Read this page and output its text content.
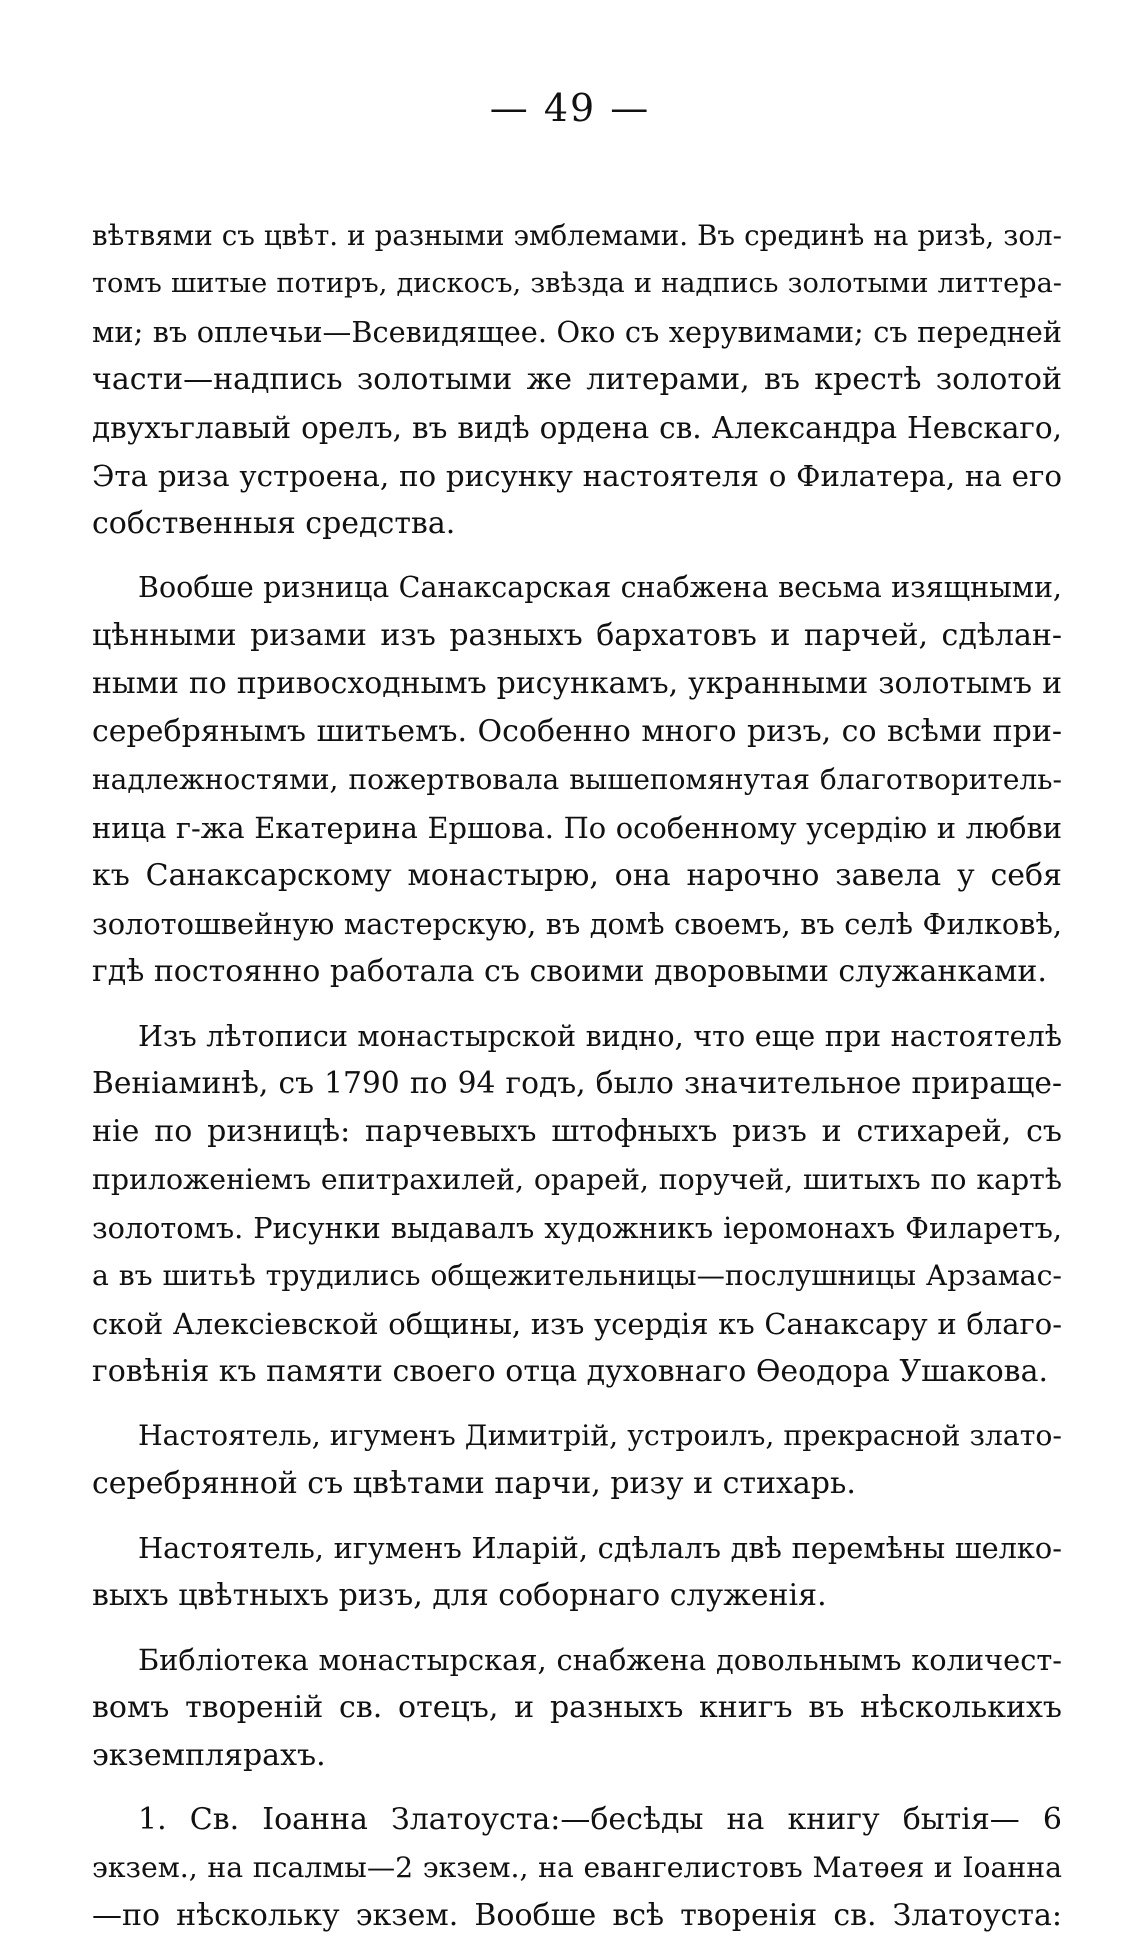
— 49 —
вѣтвями съ цвѣт. и разными эмблемами. Въ срединѣ на ризѣ, зол-
томъ шитые потиръ, дискосъ, звѣзда и надпись золотыми литтера-
ми; въ оплечьи—Всевидящее. Око съ херувимами; съ передней
части—надпись золотыми же литерами, въ крестѣ золотой
двухъглавый орелъ, въ видѣ ордена св. Александра Невскаго,
Эта риза устроена, по рисунку настоятеля о Филатера, на его
собственныя средства.
Вообше ризница Санаксарская снабжена весьма изящными,
цѣнными ризами изъ разныхъ бархатовъ и парчей, сдѣлан-
ными по привосходнымъ рисункамъ, укранными золотымъ и
серебрянымъ шитьемъ. Особенно много ризъ, со всѣми при-
надлежностями, пожертвовала вышепомянутая благотворитель-
ница г-жа Екатерина Ершова. По особенному усердію и любви
къ Санаксарскому монастырю, она нарочно завела у себя
золотошвейную мастерскую, въ домѣ своемъ, въ селѣ Филковѣ,
гдѣ постоянно работала съ своими дворовыми служанками.
Изъ лѣтописи монастырской видно, что еще при настоятелѣ
Веніаминѣ, съ 1790 по 94 годъ, было значительное приращe-
ніе по ризницѣ: парчевыхъ штофныхъ ризъ и стихарей, съ
приложеніемъ епитрахилей, орарей, поручей, шитыхъ по картѣ
золотомъ. Рисунки выдавалъ художникъ іеромонахъ Филаретъ,
а въ шитьѣ трудились общежительницы—послушницы Арзамас-
ской Алексіевской общины, изъ усердія къ Санаксару и благо-
говѣнія къ памяти своего отца духовнаго Ѳеодора Ушакова.
Настоятель, игуменъ Димитрій, устроилъ, прекрасной злато-
серебрянной съ цвѣтами парчи, ризу и стихарь.
Настоятель, игуменъ Иларій, сдѣлалъ двѣ перемѣны шелко-
выхъ цвѣтныхъ ризъ, для соборнаго служенія.
Библіотека монастырская, снабжена довольнымъ количест-
вомъ твореній св. отецъ, и разныхъ книгъ въ нѣсколькихъ
экземплярахъ.
1. Св. Іоанна Златоуста:—бесѣды на книгу бытія— 6
экзем., на псалмы—2 экзем., на евангелистовъ Матѳея и Іоанна
—по нѣскольку экзем. Вообше всѣ творенія св. Златоуста:
